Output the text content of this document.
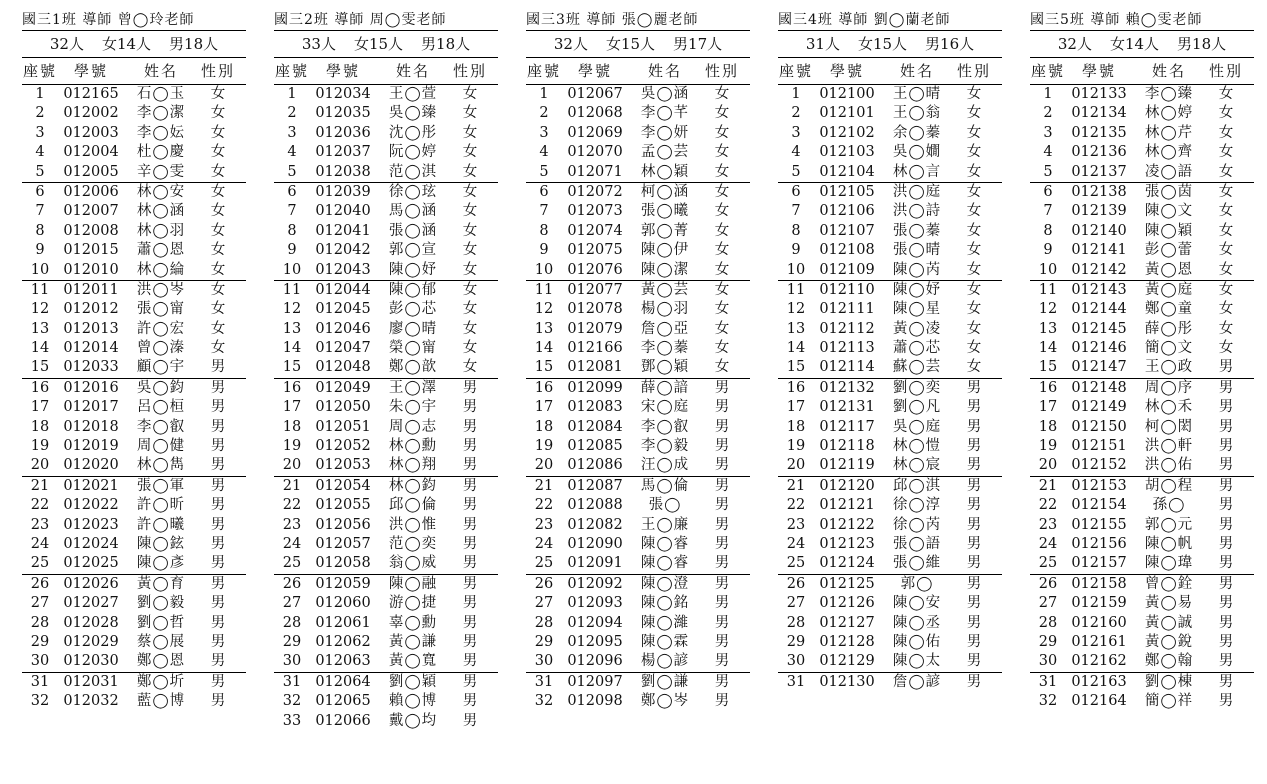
國三1班 導師 曾◯玲老師
32人 女14人 男18人
座號	學號	姓名	性別
1	012165	石◯玉	女
2	012002	李◯潔	女
3	012003	李◯妘	女
4	012004	杜◯慶	女
5	012005	辛◯雯	女
6	012006	林◯安	女
7	012007	林◯涵	女
8	012008	林◯羽	女
9	012015	蕭◯恩	女
10 012010	林◯綸	女
11 012011	洪◯岑	女
12 012012	張◯甯	女
13 012013	許◯宏	女
14 012014	曾◯溱	女
15 012033	顧◯宇	男
16 012016	吳◯鈞	男
17 012017	呂◯桓	男
18 012018	李◯叡	男
19 012019	周◯健	男
20 012020	林◯雋	男
21 012021	張◯軍	男
22 012022	許◯昕	男
23 012023	許◯曦	男
24 012024	陳◯鉉	男
25 012025	陳◯彥	男
26 012026	黃◯育	男
27 012027	劉◯毅	男
28 012028	劉◯哲	男
29 012029	蔡◯展	男
30 012030	鄭◯恩	男
31 012031	鄭◯圻	男
32 012032	藍◯博	男
國三2班 導師 周◯雯老師
33人 女15人 男18人
座號	學號	姓名	性別
1	012034	王◯萱	女
2	012035	吳◯臻	女
3	012036	沈◯彤	女
4	012037	阮◯婷	女
5	012038	范◯淇	女
6	012039	徐◯玹	女
7	012040	馬◯涵	女
8	012041	張◯涵	女
9	012042	郭◯宣	女
10 012043	陳◯妤	女
11 012044	陳◯郁	女
12 012045	彭◯芯	女
13 012046	廖◯晴	女
14 012047	榮◯甯	女
15 012048	鄭◯歆	女
16 012049	王◯澤	男
17 012050	朱◯宇	男
18 012051	周◯志	男
19 012052	林◯勳	男
20 012053	林◯翔	男
21 012054	林◯鈞	男
22 012055	邱◯倫	男
23 012056	洪◯惟	男
24 012057	范◯奕	男
25 012058	翁◯威	男
26 012059	陳◯融	男
27 012060	游◯捷	男
28 012061	辜◯勳	男
29 012062	黃◯謙	男
30 012063	黃◯寬	男
31 012064	劉◯穎	男
32 012065	賴◯博	男
33 012066	戴◯均	男
國三3班 導師 張◯麗老師
32人 女15人 男17人
座號	學號	姓名	性別
1	012067	吳◯涵	女
2	012068	李◯芊	女
3	012069	李◯妍	女
4	012070	孟◯芸	女
5	012071	林◯穎	女
6	012072	柯◯涵	女
7	012073	張◯曦	女
8	012074	郭◯菁	女
9	012075	陳◯伊	女
10 012076	陳◯潔	女
11 012077	黃◯芸	女
12 012078	楊◯羽	女
13 012079	詹◯亞	女
14 012166	李◯蓁	女
15 012081	鄧◯穎	女
16 012099	薛◯諳	男
17 012083	宋◯庭	男
18 012084	李◯叡	男
19 012085	李◯毅	男
20 012086	汪◯成	男
21 012087	馬◯倫	男
22 012088	張◯	男
23 012082	王◯廉	男
24 012090	陳◯睿	男
25 012091	陳◯睿	男
26 012092	陳◯澄	男
27 012093	陳◯銘	男
28 012094	陳◯濰	男
29 012095	陳◯霖	男
30 012096	楊◯諺	男
31 012097	劉◯謙	男
32 012098	鄭◯岑	男
國三4班 導師 劉◯蘭老師
31人 女15人 男16人
座號	學號	姓名	性別
1	012100	王◯晴	女
2	012101	王◯翁	女
3	012102	余◯蓁	女
4	012103	吳◯嫺	女
5	012104	林◯言	女
6	012105	洪◯庭	女
7	012106	洪◯詩	女
8	012107	張◯蓁	女
9	012108	張◯晴	女
10 012109	陳◯芮	女
11 012110	陳◯妤	女
12 012111	陳◯星	女
13 012112	黃◯凌	女
14 012113	蕭◯芯	女
15 012114	蘇◯芸	女
16 012132	劉◯奕	男
17 012131	劉◯凡	男
18 012117	吳◯庭	男
19 012118	林◯愷	男
20 012119	林◯宸	男
21 012120	邱◯淇	男
22 012121	徐◯淳	男
23 012122	徐◯芮	男
24 012123	張◯語	男
25 012124	張◯維	男
26 012125	郭◯	男
27 012126	陳◯安	男
28 012127	陳◯丞	男
29 012128	陳◯佑	男
30 012129	陳◯太	男
31 012130	詹◯諺	男
國三5班 導師 賴◯雯老師
32人 女14人 男18人
座號	學號	姓名	性別
1	012133	李◯臻	女
2	012134	林◯婷	女
3	012135	林◯芹	女
4	012136	林◯齊	女
5	012137	凌◯語	女
6	012138	張◯茵	女
7	012139	陳◯文	女
8	012140	陳◯穎	女
9	012141	彭◯蕾	女
10 012142	黃◯恩	女
11 012143	黃◯庭	女
12 012144	鄭◯童	女
13 012145	薛◯彤	女
14 012146	簡◯文	女
15 012147	王◯政	男
16 012148	周◯序	男
17 012149	林◯禾	男
18 012150	柯◯閎	男
19 012151	洪◯軒	男
20 012152	洪◯佑	男
21 012153	胡◯程	男
22 012154	孫◯	男
23 012155	郭◯元	男
24 012156	陳◯帆	男
25 012157	陳◯瑋	男
26 012158	曾◯銓	男
27 012159	黃◯易	男
28 012160	黃◯誠	男
29 012161	黃◯銳	男
30 012162	鄭◯翰	男
31 012163	劉◯棟	男
32 012164	簡◯祥	男
